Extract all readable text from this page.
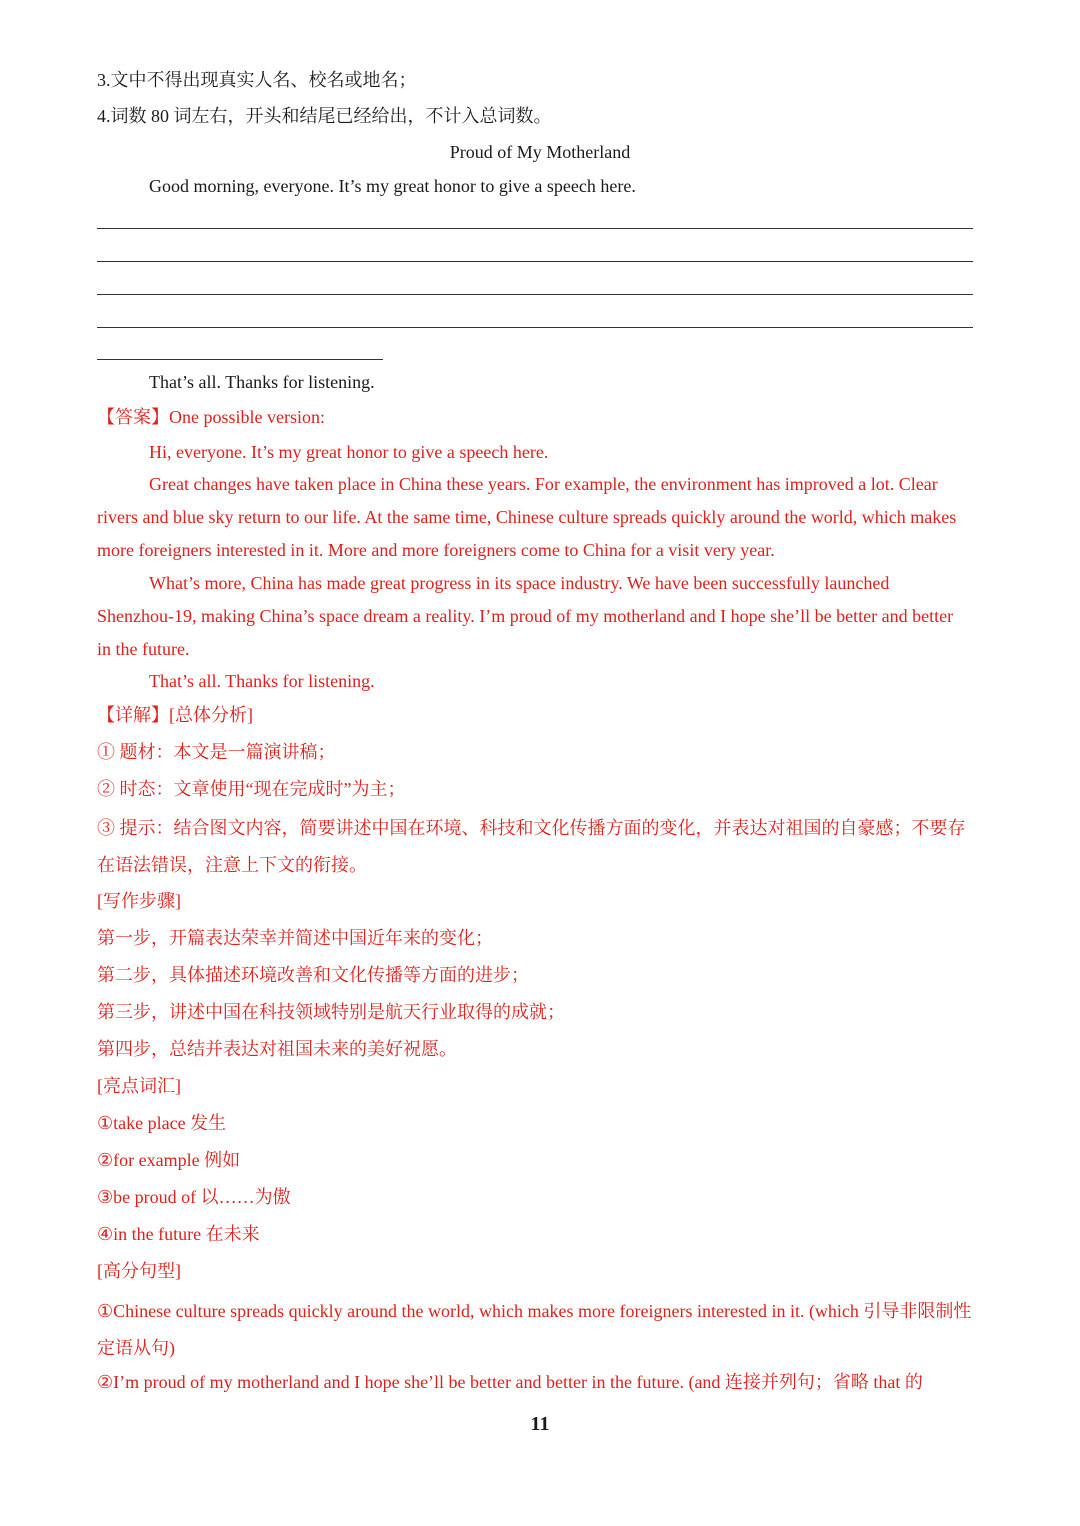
3.文中不得出现真实人名、校名或地名；
4.词数 80 词左右，开头和结尾已经给出，不计入总词数。
Proud of My Motherland
Good morning, everyone. It’s my great honor to give a speech here.
That’s all. Thanks for listening.
【答案】One possible version:
Hi, everyone. It’s my great honor to give a speech here.
Great changes have taken place in China these years. For example, the environment has improved a lot. Clear rivers and blue sky return to our life. At the same time, Chinese culture spreads quickly around the world, which makes more foreigners interested in it. More and more foreigners come to China for a visit very year.
What’s more, China has made great progress in its space industry. We have been successfully launched Shenzhou-19, making China’s space dream a reality. I’m proud of my motherland and I hope she’ll be better and better in the future.
That’s all. Thanks for listening.
【详解】[总体分析]
① 题材：本文是一篇演讲稿；
② 时态：文章使用“现在完成时”为主；
③ 提示：结合图文内容，简要讲述中国在环境、科技和文化传播方面的变化，并表达对祖国的自豪感；不要存在语法错误，注意上下文的衔接。
[写作步骤]
第一步，开篇表达荣幸并简述中国近年来的变化；
第二步，具体描述环境改善和文化传播等方面的进步；
第三步，讲述中国在科技领域特别是航天行业取得的成就；
第四步，总结并表达对祖国未来的美好祝愿。
[亮点词汇]
①take place 发生
②for example 例如
③be proud of 以……为傲
④in the future 在未来
[高分句型]
①Chinese culture spreads quickly around the world, which makes more foreigners interested in it. (which 引导非限制性定语从句)
②I’m proud of my motherland and I hope she’ll be better and better in the future. (and 连接并列句；省略 that 的
11
